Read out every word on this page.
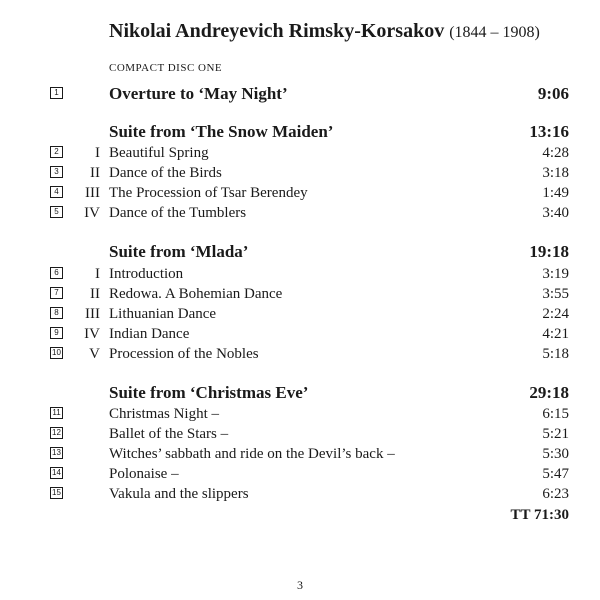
Nikolai Andreyevich Rimsky-Korsakov (1844 – 1908)
COMPACT DISC ONE
1	Overture to ‘May Night’	9:06
Suite from ‘The Snow Maiden’	13:16
2	I Beautiful Spring	4:28
3	II Dance of the Birds	3:18
4	III The Procession of Tsar Berendey	1:49
5	IV Dance of the Tumblers	3:40
Suite from ‘Mlada’	19:18
6	I Introduction	3:19
7	II Redowa. A Bohemian Dance	3:55
8	III Lithuanian Dance	2:24
9	IV Indian Dance	4:21
10	V Procession of the Nobles	5:18
Suite from ‘Christmas Eve’	29:18
11	Christmas Night –	6:15
12	Ballet of the Stars –	5:21
13	Witches’ sabbath and ride on the Devil’s back –	5:30
14	Polonaise –	5:47
15	Vakula and the slippers	6:23
TT 71:30
3
